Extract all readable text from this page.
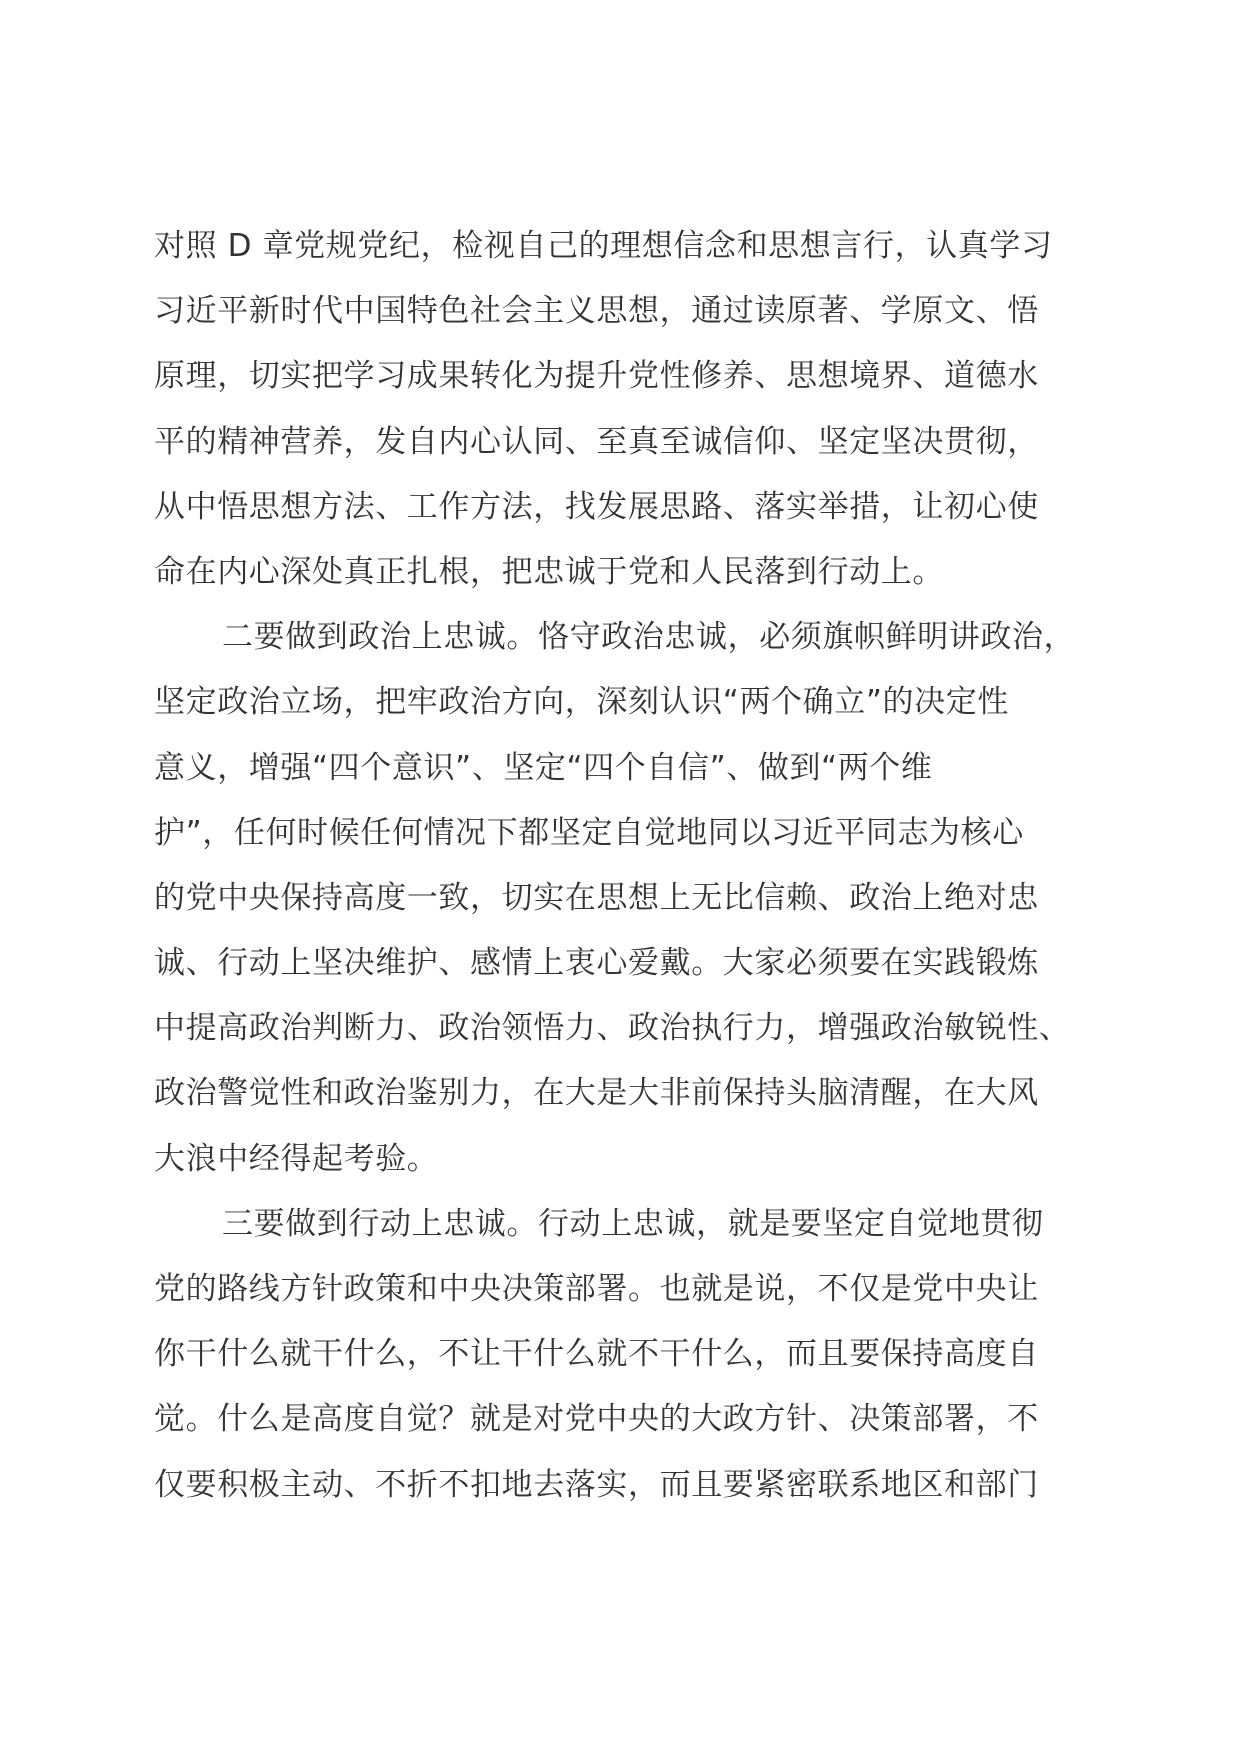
对照 D 章党规党纪，检视自己的理想信念和思想言行，认真学习
习近平新时代中国特色社会主义思想，通过读原著、学原文、悟
原理，切实把学习成果转化为提升党性修养、思想境界、道德水
平的精神营养，发自内心认同、至真至诚信仰、坚定坚决贯彻，
从中悟思想方法、工作方法，找发展思路、落实举措，让初心使
命在内心深处真正扎根，把忠诚于党和人民落到行动上。
二要做到政治上忠诚。恪守政治忠诚，必须旗帜鲜明讲政治，
坚定政治立场，把牢政治方向，深刻认识“两个确立”的决定性
意义，增强“四个意识”、坚定“四个自信”、做到“两个维
护”，任何时候任何情况下都坚定自觉地同以习近平同志为核心
的党中央保持高度一致，切实在思想上无比信赖、政治上绝对忠
诚、行动上坚决维护、感情上衷心爱戴。大家必须要在实践锻炼
中提高政治判断力、政治领悟力、政治执行力，增强政治敏锐性、
政治警觉性和政治鉴别力，在大是大非前保持头脑清醒，在大风
大浪中经得起考验。
三要做到行动上忠诚。行动上忠诚，就是要坚定自觉地贯彻
党的路线方针政策和中央决策部署。也就是说，不仅是党中央让
你干什么就干什么，不让干什么就不干什么，而且要保持高度自
觉。什么是高度自觉？就是对党中央的大政方针、决策部署，不
仅要积极主动、不折不扣地去落实，而且要紧密联系地区和部门
